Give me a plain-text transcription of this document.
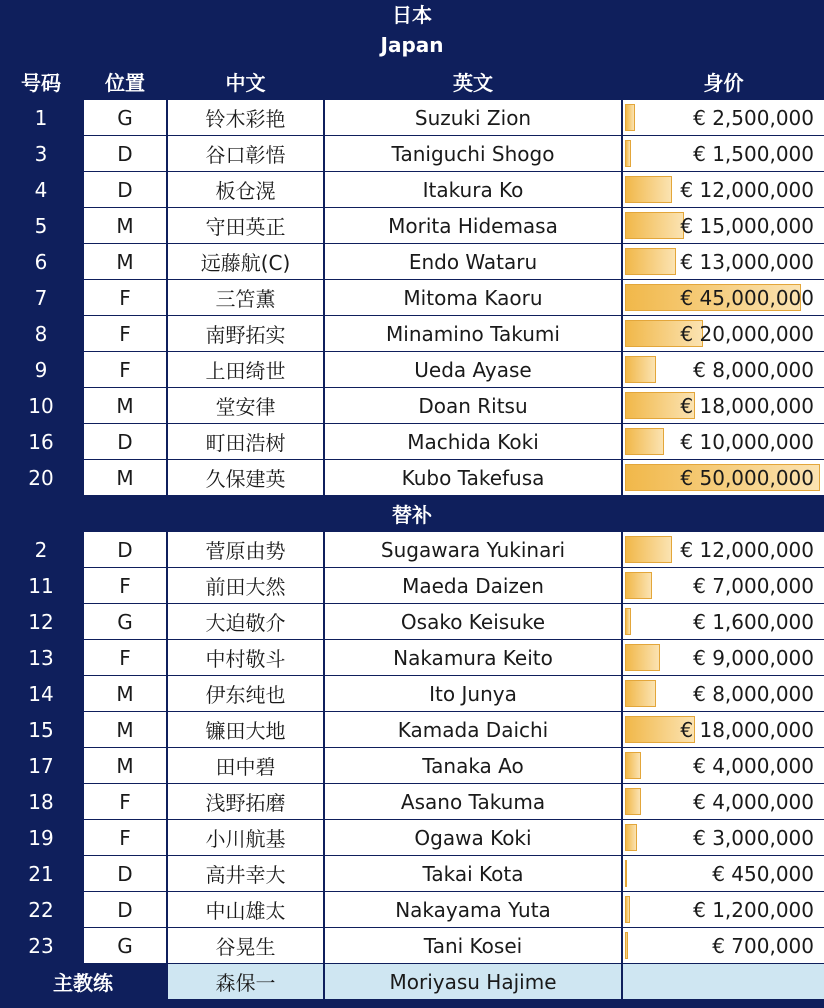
日本
Japan
号码	位置	中文	英文	身价
1	G	铃木彩艳	Suzuki Zion	€ 2,500,000
3	D	谷口彰悟	Taniguchi Shogo	€ 1,500,000
4	D	板仓滉	Itakura Ko	€ 12,000,000
5	M	守田英正	Morita Hidemasa	€ 15,000,000
6	M	远藤航(C)	Endo Wataru	€ 13,000,000
7	F	三笘薫	Mitoma Kaoru	€ 45,000,000
8	F	南野拓实	Minamino Takumi	€ 20,000,000
9	F	上田绮世	Ueda Ayase	€ 8,000,000
10	M	堂安律	Doan Ritsu	€ 18,000,000
16	D	町田浩树	Machida Koki	€ 10,000,000
20	M	久保建英	Kubo Takefusa	€ 50,000,000
替补
2	D	菅原由势	Sugawara Yukinari	€ 12,000,000
11	F	前田大然	Maeda Daizen	€ 7,000,000
12	G	大迫敬介	Osako Keisuke	€ 1,600,000
13	F	中村敬斗	Nakamura Keito	€ 9,000,000
14	M	伊东纯也	Ito Junya	€ 8,000,000
15	M	镰田大地	Kamada Daichi	€ 18,000,000
17	M	田中碧	Tanaka Ao	€ 4,000,000
18	F	浅野拓磨	Asano Takuma	€ 4,000,000
19	F	小川航基	Ogawa Koki	€ 3,000,000
21	D	高井幸大	Takai Kota	€ 450,000
22	D	中山雄太	Nakayama Yuta	€ 1,200,000
23	G	谷晃生	Tani Kosei	€ 700,000
主教练	森保一	Moriyasu Hajime
